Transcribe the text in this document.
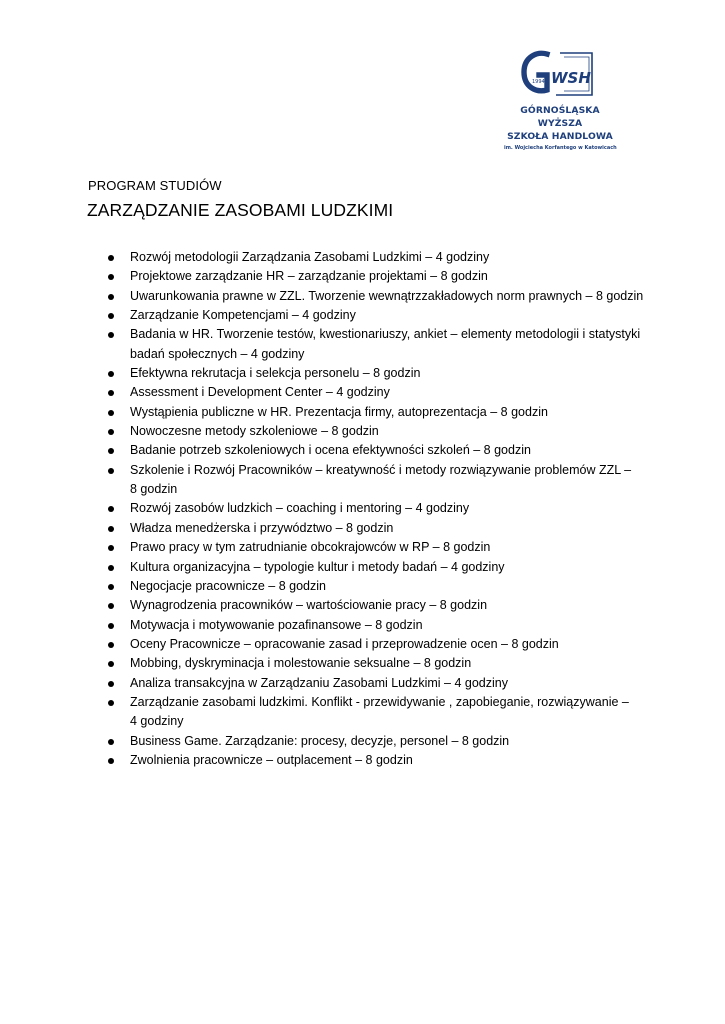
1994 WSH
GÓRNOŚLĄSKA WYŻSZA
SZKOŁA HANDLOWA
im. Wojciecha Korfantego w Katowicach
PROGRAM STUDIÓW
ZARZĄDZANIE ZASOBAMI LUDZKIMI
Rozwój metodologii Zarządzania Zasobami Ludzkimi – 4 godziny
Projektowe zarządzanie HR – zarządzanie projektami – 8 godzin
Uwarunkowania prawne w ZZL. Tworzenie wewnątrzzakładowych norm prawnych – 8 godzin
Zarządzanie Kompetencjami – 4 godziny
Badania w HR. Tworzenie testów, kwestionariuszy, ankiet – elementy metodologii i statystyki
badań społecznych – 4 godziny
Efektywna rekrutacja i selekcja personelu – 8 godzin
Assessment i Development Center – 4 godziny
Wystąpienia publiczne w HR. Prezentacja firmy, autoprezentacja – 8 godzin
Nowoczesne metody szkoleniowe – 8 godzin
Badanie potrzeb szkoleniowych i ocena efektywności szkoleń – 8 godzin
Szkolenie i Rozwój Pracowników – kreatywność i metody rozwiązywanie problemów ZZL –
8 godzin
Rozwój zasobów ludzkich – coaching i mentoring – 4 godziny
Władza menedżerska i przywództwo – 8 godzin
Prawo pracy w tym zatrudnianie obcokrajowców w RP – 8 godzin
Kultura organizacyjna – typologie kultur i metody badań – 4 godziny
Negocjacje pracownicze – 8 godzin
Wynagrodzenia pracowników – wartościowanie pracy – 8 godzin
Motywacja i motywowanie pozafinansowe – 8 godzin
Oceny Pracownicze – opracowanie zasad i przeprowadzenie ocen – 8 godzin
Mobbing, dyskryminacja i molestowanie seksualne – 8 godzin
Analiza transakcyjna w Zarządzaniu Zasobami Ludzkimi – 4 godziny
Zarządzanie zasobami ludzkimi. Konflikt - przewidywanie , zapobieganie, rozwiązywanie –
4 godziny
Business Game. Zarządzanie: procesy, decyzje, personel – 8 godzin
Zwolnienia pracownicze – outplacement – 8 godzin
